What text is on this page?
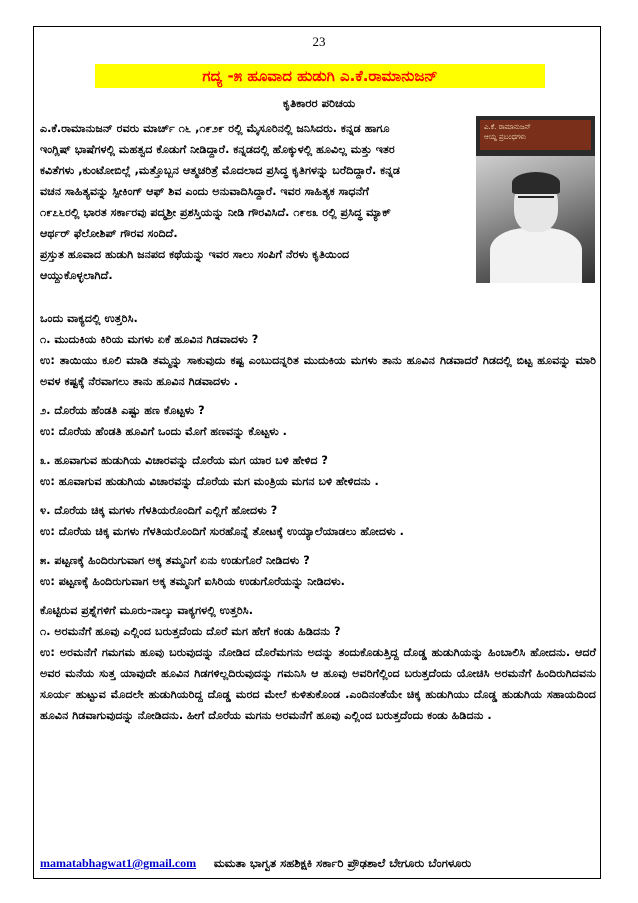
23
ಗದ್ಯ -೫ ಹೂವಾದ ಹುಡುಗಿ ಎ.ಕೆ.ರಾಮಾನುಜನ್
ಕೃತಿಕಾರರ ಪರಿಚಯ
ಎ.ಕೆ. ರಾಮಾನುಜನ್
ಆಯ್ದ ಪ್ರಬಂಧಗಳು
ಎ.ಕೆ.ರಾಮಾನುಜನ್ ರವರು ಮಾರ್ಚ್ ೧೬ ,೧೯೨೯ ರಲ್ಲಿ ಮೈಸೂರಿನಲ್ಲಿ ಜನಿಸಿದರು. ಕನ್ನಡ ಹಾಗೂ
ಇಂಗ್ಲಿಷ್ ಭಾಷೆಗಳಲ್ಲಿ ಮಹತ್ವದ ಕೊಡುಗೆ ನೀಡಿದ್ದಾರೆ. ಕನ್ನಡದಲ್ಲಿ ಹೊಕ್ಕುಳಲ್ಲಿ ಹೂವಿಲ್ಲ ಮತ್ತು ಇತರ
ಕವಿತೆಗಳು ,ಕುಂಟೋಬಿಲ್ಲೆ ,ಮತ್ತೊಬ್ಬನ ಆತ್ಮಚರಿತ್ರೆ ಮೊದಲಾದ ಪ್ರಸಿದ್ಧ ಕೃತಿಗಳನ್ನು ಬರೆದಿದ್ದಾರೆ. ಕನ್ನಡ
ವಚನ ಸಾಹಿತ್ಯವನ್ನು ಸ್ಪೀಕಿಂಗ್ ಆಫ್ ಶಿವ ಎಂದು ಅನುವಾದಿಸಿದ್ದಾರೆ. ಇವರ ಸಾಹಿತ್ಯಕ ಸಾಧನೆಗೆ
೧೯೭೬ರಲ್ಲಿ ಭಾರತ ಸರ್ಕಾರವು ಪದ್ಮಶ್ರೀ ಪ್ರಶಸ್ತಿಯನ್ನು ನೀಡಿ ಗೌರವಿಸಿದೆ. ೧೯೮೩ ರಲ್ಲಿ ಪ್ರಸಿದ್ಧ ಮ್ಯಾಕ್
ಆರ್ಥರ್ ಫೆಲೋಶಿಪ್ ಗೌರವ ಸಂದಿದೆ.
ಪ್ರಸ್ತುತ ಹೂವಾದ ಹುಡುಗಿ ಜನಪದ ಕಥೆಯನ್ನು ಇವರ ಸಾಲು ಸಂಪಿಗೆ ನೆರಳು ಕೃತಿಯಿಂದ
ಆಯ್ದುಕೊಳ್ಳಲಾಗಿದೆ.
ಒಂದು ವಾಕ್ಯದಲ್ಲಿ ಉತ್ತರಿಸಿ.
೧. ಮುದುಕಿಯ ಕಿರಿಯ ಮಗಳು ಏಕೆ ಹೂವಿನ ಗಿಡವಾದಳು ?
ಉ: ತಾಯಿಯು ಕೂಲಿ ಮಾಡಿ ತಮ್ಮನ್ನು ಸಾಕುವುದು ಕಷ್ಟ ಎಂಬುದನ್ನರಿತ ಮುದುಕಿಯ ಮಗಳು ತಾನು ಹೂವಿನ ಗಿಡವಾದರೆ ಗಿಡದಲ್ಲಿ ಬಿಟ್ಟ ಹೂವನ್ನು ಮಾರಿ ಅವಳ ಕಷ್ಟಕ್ಕೆ ನೆರವಾಗಲು ತಾನು ಹೂವಿನ ಗಿಡವಾದಳು .
೨. ದೊರೆಯ ಹೆಂಡತಿ ಎಷ್ಟು ಹಣ ಕೊಟ್ಟಳು ?
ಉ: ದೊರೆಯ ಹೆಂಡತಿ ಹೂವಿಗೆ ಒಂದು ಮೊಗೆ ಹಣವನ್ನು ಕೊಟ್ಟಳು .
೩. ಹೂವಾಗುವ ಹುಡುಗಿಯ ವಿಚಾರವನ್ನು ದೊರೆಯ ಮಗ ಯಾರ ಬಳಿ ಹೇಳಿದ ?
ಉ: ಹೂವಾಗುವ ಹುಡುಗಿಯ ವಿಚಾರವನ್ನು ದೊರೆಯ ಮಗ ಮಂತ್ರಿಯ ಮಗನ ಬಳಿ ಹೇಳಿದನು .
೪. ದೊರೆಯ ಚಿಕ್ಕ ಮಗಳು ಗೆಳತಿಯರೊಂದಿಗೆ ಎಲ್ಲಿಗೆ ಹೋದಳು ?
ಉ: ದೊರೆಯ ಚಿಕ್ಕ ಮಗಳು ಗೆಳತಿಯರೊಂದಿಗೆ ಸುರಹೊನ್ನೆ ತೋಟಕ್ಕೆ ಉಯ್ಯಾಲೆಯಾಡಲು ಹೋದಳು .
೫. ಪಟ್ಟಣಕ್ಕೆ ಹಿಂದಿರುಗುವಾಗ ಅಕ್ಕ ತಮ್ಮನಿಗೆ ಏನು ಉಡುಗೊರೆ ನೀಡಿದಳು ?
ಉ: ಪಟ್ಟಣಕ್ಕೆ ಹಿಂದಿರುಗುವಾಗ ಅಕ್ಕ ತಮ್ಮನಿಗೆ ಐಸಿರಿಯ ಉಡುಗೊರೆಯನ್ನು ನೀಡಿದಳು.
ಕೊಟ್ಟಿರುವ ಪ್ರಶ್ನೆಗಳಿಗೆ ಮೂರು-ನಾಲ್ಕು ವಾಕ್ಯಗಳಲ್ಲಿ ಉತ್ತರಿಸಿ.
೧. ಅರಮನೆಗೆ ಹೂವು ಎಲ್ಲಿಂದ ಬರುತ್ತದೆಂದು ದೊರೆ ಮಗ ಹೇಗೆ ಕಂಡು ಹಿಡಿದನು ?
ಉ: ಅರಮನೆಗೆ ಗಮಗಮ ಹೂವು ಬರುವುದನ್ನು ನೋಡಿದ ದೊರೆಮಗನು ಅದನ್ನು ತಂದುಕೊಡುತ್ತಿದ್ದ ದೊಡ್ಡ ಹುಡುಗಿಯನ್ನು ಹಿಂಬಾಲಿಸಿ ಹೋದನು. ಆದರೆ ಅವರ ಮನೆಯ ಸುತ್ತ ಯಾವುದೇ ಹೂವಿನ ಗಿಡಗಳಿಲ್ಲದಿರುವುದನ್ನು ಗಮನಿಸಿ ಆ ಹೂವು ಅವರಿಗೆಲ್ಲಿಂದ ಬರುತ್ತದೆಂದು ಯೋಚಿಸಿ ಅರಮನೆಗೆ ಹಿಂದಿರುಗಿದವನು ಸೂರ್ಯ ಹುಟ್ಟುವ ಮೊದಲೇ ಹುಡುಗಿಯರಿದ್ದ ದೊಡ್ಡ ಮರದ ಮೇಲೆ ಕುಳಿತುಕೊಂಡ .ಎಂದಿನಂತೆಯೇ ಚಿಕ್ಕ ಹುಡುಗಿಯು ದೊಡ್ಡ ಹುಡುಗಿಯ ಸಹಾಯದಿಂದ ಹೂವಿನ ಗಿಡವಾಗುವುದನ್ನು ನೋಡಿದನು. ಹೀಗೆ ದೊರೆಯ ಮಗನು ಅರಮನೆಗೆ ಹೂವು ಎಲ್ಲಿಂದ ಬರುತ್ತದೆಂದು ಕಂಡು ಹಿಡಿದನು .
mamatabhagwat1@gmail.com ಮಮತಾ ಭಾಗ್ವತ ಸಹಶಿಕ್ಷಕಿ ಸರ್ಕಾರಿ ಪ್ರೌಢಶಾಲೆ ಬೇಗೂರು ಬೆಂಗಳೂರು
